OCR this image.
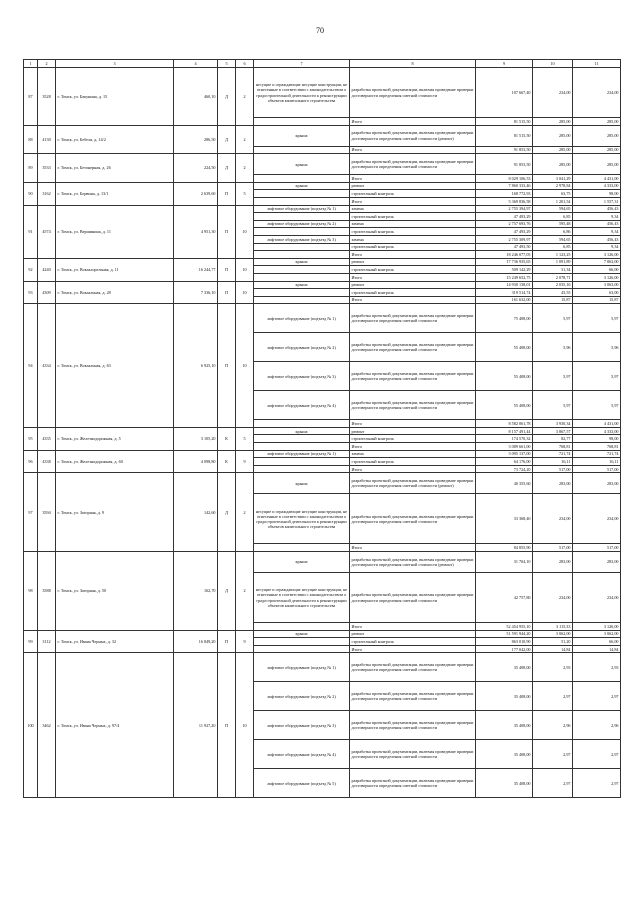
70
1	2	3	4	5	6	7	8	9	10	11
87	3528	г. Томск, ул. Бакунина, д. 15	460,10	Д	2	несущие и ограждающие несущие конструкции, не отнесенные в соответствии с законодательством о градостроительной деятельности к реконструкции объектов капитального строительства	разработка проектной документации, включая проведение проверки достоверности определения сметной стоимости	107 667,40	234,00	234,00
							Итого	81 515,50	285,00	285,00
88	4130	г. Томск, ул. Бебеля, д. 14/2	286,50	Д	2	крыша	разработка проектной документации, включая проведение проверки достоверности определения сметной стоимости (ремонт)	81 515,50	285,00	285,00
							Итого	91 853,50	285,00	285,00
89	3533	г. Томск, ул. Бетонерная, д. 26	224,50	Д	2	крыша	разработка проектной документации, включая проведение проверки достоверности определения сметной стоимости	91 853,50	285,00	285,00
							Итого	8 029 106,53	3 041,29	4 431,00
90	3162	г. Томск, ул. Борвина, д. 13/1	2 639,60	П	5	крыша	ремонт	7 860 333,46	2 978,84	4 333,00
							строительный контроль	168 772,93	63,75	98,00
							Итого	5 369 836,58	1 201,54	1 557,31
91	4574	г. Томск, ул. Вершинина, д. 11	4 951,30	П	10	лифтовое оборудование (подъезд № 1)	замена	2 755 394,97	594,65	456,43
							строительный контроль	47 493,29	6,85	9,34
						лифтовое оборудование (подъезд № 2)	замена	2 757 693,76	595,48	456,43
							строительный контроль	47 493,29	6,86	9,34
						лифтовое оборудование (подъезд № 3)	замена	2 755 309,97	594,65	456,43
							строительный контроль	47 493,50	6,85	9,34
							Итого	18 246 077,05	1 123,25	3 126,00
92	4240	г. Томск, ул. Вокзалорельная, д. 11	16 244,77	П	10	крыша	ремонт	17 736 935,65	1 091,89	7 063,00
							строительный контроль	509 142,29	31,34	66,00
							Итого	15 249 652,75	2 078,71	3 126,00
93	4309	г. Томск, ул. Вокзальная, д. 28	7 336,10	П	10	крыша	ремонт	14 930 138,01	2 035,16	3 063,00
							строительный контроль	319 514,74	43,55	63,00
							Итого	161 632,00	15,87	15,87
94	4334	г. Томск, ул. Вокзальная, д. 63	6 925,10	П	10	лифтовое оборудование (подъезд № 1)	разработка проектной документации, включая проведение проверки достоверности определения сметной стоимости	75 408,00	5,97	5,97
						лифтовое оборудование (подъезд № 2)	разработка проектной документации, включая проведение проверки достоверности определения сметной стоимости	55 408,00	5,96	5,96
						лифтовое оборудование (подъезд № 3)	разработка проектной документации, включая проведение проверки достоверности определения сметной стоимости	55 408,00	5,97	5,97
						лифтовое оборудование (подъезд № 4)	разработка проектной документации, включая проведение проверки достоверности определения сметной стоимости	55 408,00	5,97	5,97
							Итого	8 582 061,78	3 930,34	4 431,00
95	4335	г. Томск, ул. Железнодорожная, д. 5	3 105,20	К	5	крыша	ремонт	8 157 491,44	3 867,57	4 333,00
							строительный контроль	174 570,32	82,77	98,00
							Итого	3 089 661,00	768,81	768,81
96	4338	г. Томск, ул. Железнодорожная, д. 60	4 098,80	К	9	лифтовое оборудование (подъезд № 1)	замена	3 095 137,00	721,74	721,74
							строительный контроль	64 176,00	16,11	16,11
							Итого	73 724,20	517,00	517,00
97	3594	г. Томск, ул. Загорная, д. 9	142,60	Д	2	крыша	разработка проектной документации, включая проведение проверки достоверности определения сметной стоимости (ремонт)	40 355,60	283,00	283,00
						несущие и ограждающие несущие конструкции, не отнесенные в соответствии с законодательством о градостроительной деятельности к реконструкции объектов капитального строительства	разработка проектной документации, включая проведение проверки достоверности определения сметной стоимости	33 368,40	234,00	234,00
							Итого	84 855,90	517,00	517,00
98	3588	г. Томск, ул. Загорная, д. 50	162,70	Д	2	крыша	разработка проектной документации, включая проведение проверки достоверности определения сметной стоимости (ремонт)	31 704,10	283,00	283,00
						несущие и ограждающие несущие конструкции, не отнесенные в соответствии с законодательством о градостроительной деятельности к реконструкции объектов капитального строительства	разработка проектной документации, включая проведение проверки достоверности определения сметной стоимости	42 757,80	234,00	234,00
							Итого	52 454 955,10	3 115,33	3 126,00
99	3112	г. Томск, ул. Ивана Черных, д. 32	16 849,20	П	9	крыша	ремонт	51 591 944,20	3 062,00	3 062,00
							строительный контроль	863 010,90	51,20	66,00
							Итого	177 042,00	14,84	14,84
100	3462	г. Томск, ул. Ивана Черных, д. 97/4	11 927,20	П	10	лифтовое оборудование (подъезд № 1)	разработка проектной документации, включая проведение проверки достоверности определения сметной стоимости	35 408,00	2,93	2,93
						лифтовое оборудование (подъезд № 2)	разработка проектной документации, включая проведение проверки достоверности определения сметной стоимости	35 408,00	2,97	2,97
						лифтовое оборудование (подъезд № 3)	разработка проектной документации, включая проведение проверки достоверности определения сметной стоимости	35 408,00	2,96	2,96
						лифтовое оборудование (подъезд № 4)	разработка проектной документации, включая проведение проверки достоверности определения сметной стоимости	35 408,00	2,97	2,97
						лифтовое оборудование (подъезд № 5)	разработка проектной документации, включая проведение проверки достоверности определения сметной стоимости	35 408,00	2,97	2,97
